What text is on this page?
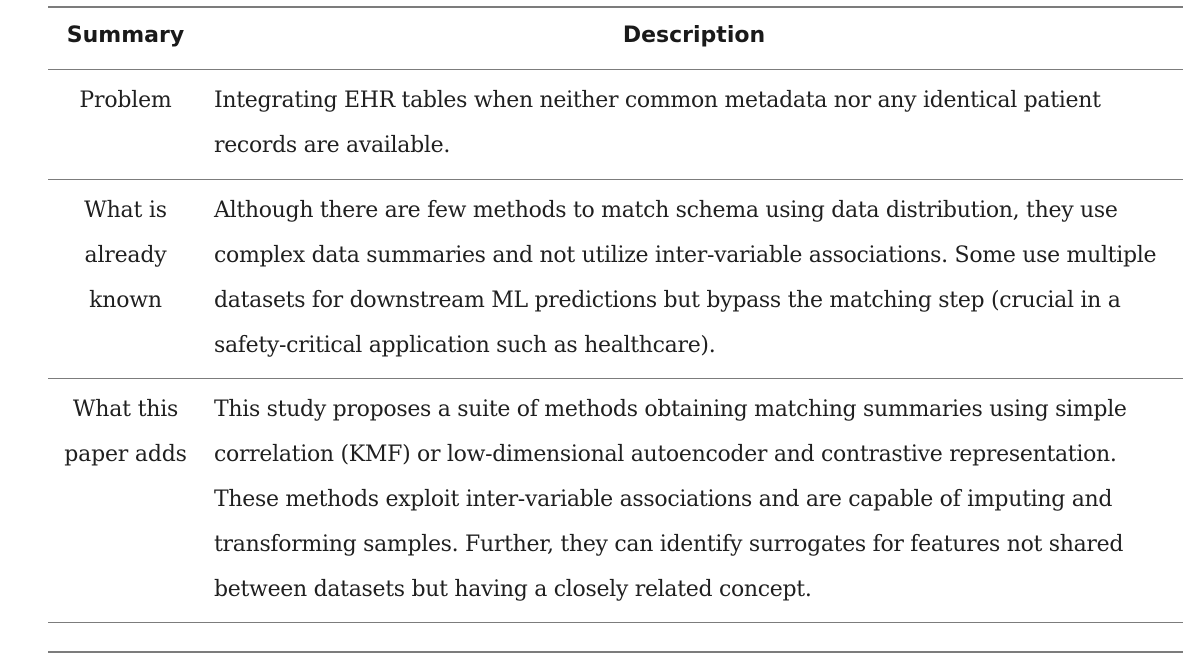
Summary	Description
Problem	Integrating EHR tables when neither common metadata nor any identical patient records are available.
What is
already
known
Although there are few methods to match schema using data distribution, they use complex data summaries and not utilize inter-variable associations. Some use multiple datasets for downstream ML predictions but bypass the matching step (crucial in a safety-critical application such as healthcare).
What this
paper adds
This study proposes a suite of methods obtaining matching summaries using simple correlation (KMF) or low-dimensional autoencoder and contrastive representation. These methods exploit inter-variable associations and are capable of imputing and transforming samples. Further, they can identify surrogates for features not shared between datasets but having a closely related concept.
